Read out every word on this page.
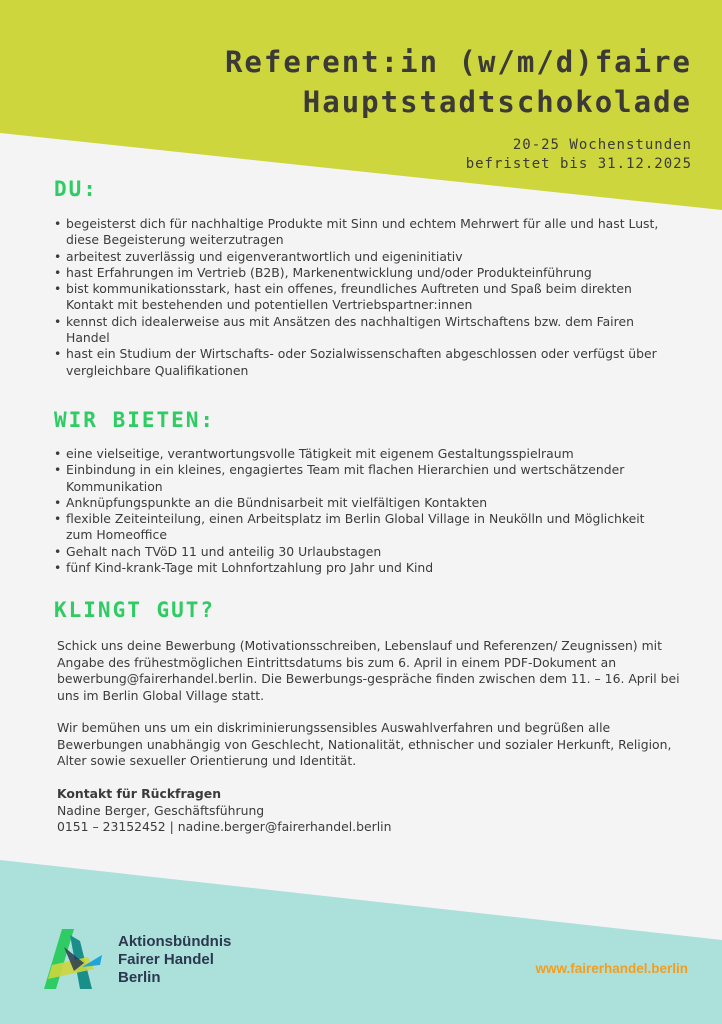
Referent:in (w/m/d)faire
Hauptstadtschokolade
20-25 Wochenstunden
befristet bis 31.12.2025
DU:
• begeisterst dich für nachhaltige Produkte mit Sinn und echtem Mehrwert für alle und hast Lust, diese Begeisterung weiterzutragen
• arbeitest zuverlässig und eigenverantwortlich und eigeninitiativ
• hast Erfahrungen im Vertrieb (B2B), Markenentwicklung und/oder Produkteinführung
• bist kommunikationsstark, hast ein offenes, freundliches Auftreten und Spaß beim direkten Kontakt mit bestehenden und potentiellen Vertriebspartner:innen
• kennst dich idealerweise aus mit Ansätzen des nachhaltigen Wirtschaftens bzw. dem Fairen Handel
• hast ein Studium der Wirtschafts- oder Sozialwissenschaften abgeschlossen oder verfügst über vergleichbare Qualifikationen
WIR BIETEN:
• eine vielseitige, verantwortungsvolle Tätigkeit mit eigenem Gestaltungsspielraum
• Einbindung in ein kleines, engagiertes Team mit flachen Hierarchien und wertschätzender Kommunikation
• Anknüpfungspunkte an die Bündnisarbeit mit vielfältigen Kontakten
• flexible Zeiteinteilung, einen Arbeitsplatz im Berlin Global Village in Neukölln und Möglichkeit zum Homeoffice
• Gehalt nach TVöD 11 und anteilig 30 Urlaubstagen
• fünf Kind-krank-Tage mit Lohnfortzahlung pro Jahr und Kind
KLINGT GUT?

Schick uns deine Bewerbung (Motivationsschreiben, Lebenslauf und Referenzen/ Zeugnissen) mit Angabe des frühestmöglichen Eintrittsdatums bis zum 6. April in einem PDF-Dokument an bewerbung@fairerhandel.berlin. Die Bewerbungs-gespräche finden zwischen dem 11. – 16. April bei uns im Berlin Global Village statt.

Wir bemühen uns um ein diskriminierungssensibles Auswahlverfahren und begrüßen alle Bewerbungen unabhängig von Geschlecht, Nationalität, ethnischer und sozialer Herkunft, Religion, Alter sowie sexueller Orientierung und Identität.

Kontakt für Rückfragen
Nadine Berger, Geschäftsführung
0151 – 23152452 | nadine.berger@fairerhandel.berlin
Aktionsbündnis
Fairer Handel
Berlin
www.fairerhandel.berlin
